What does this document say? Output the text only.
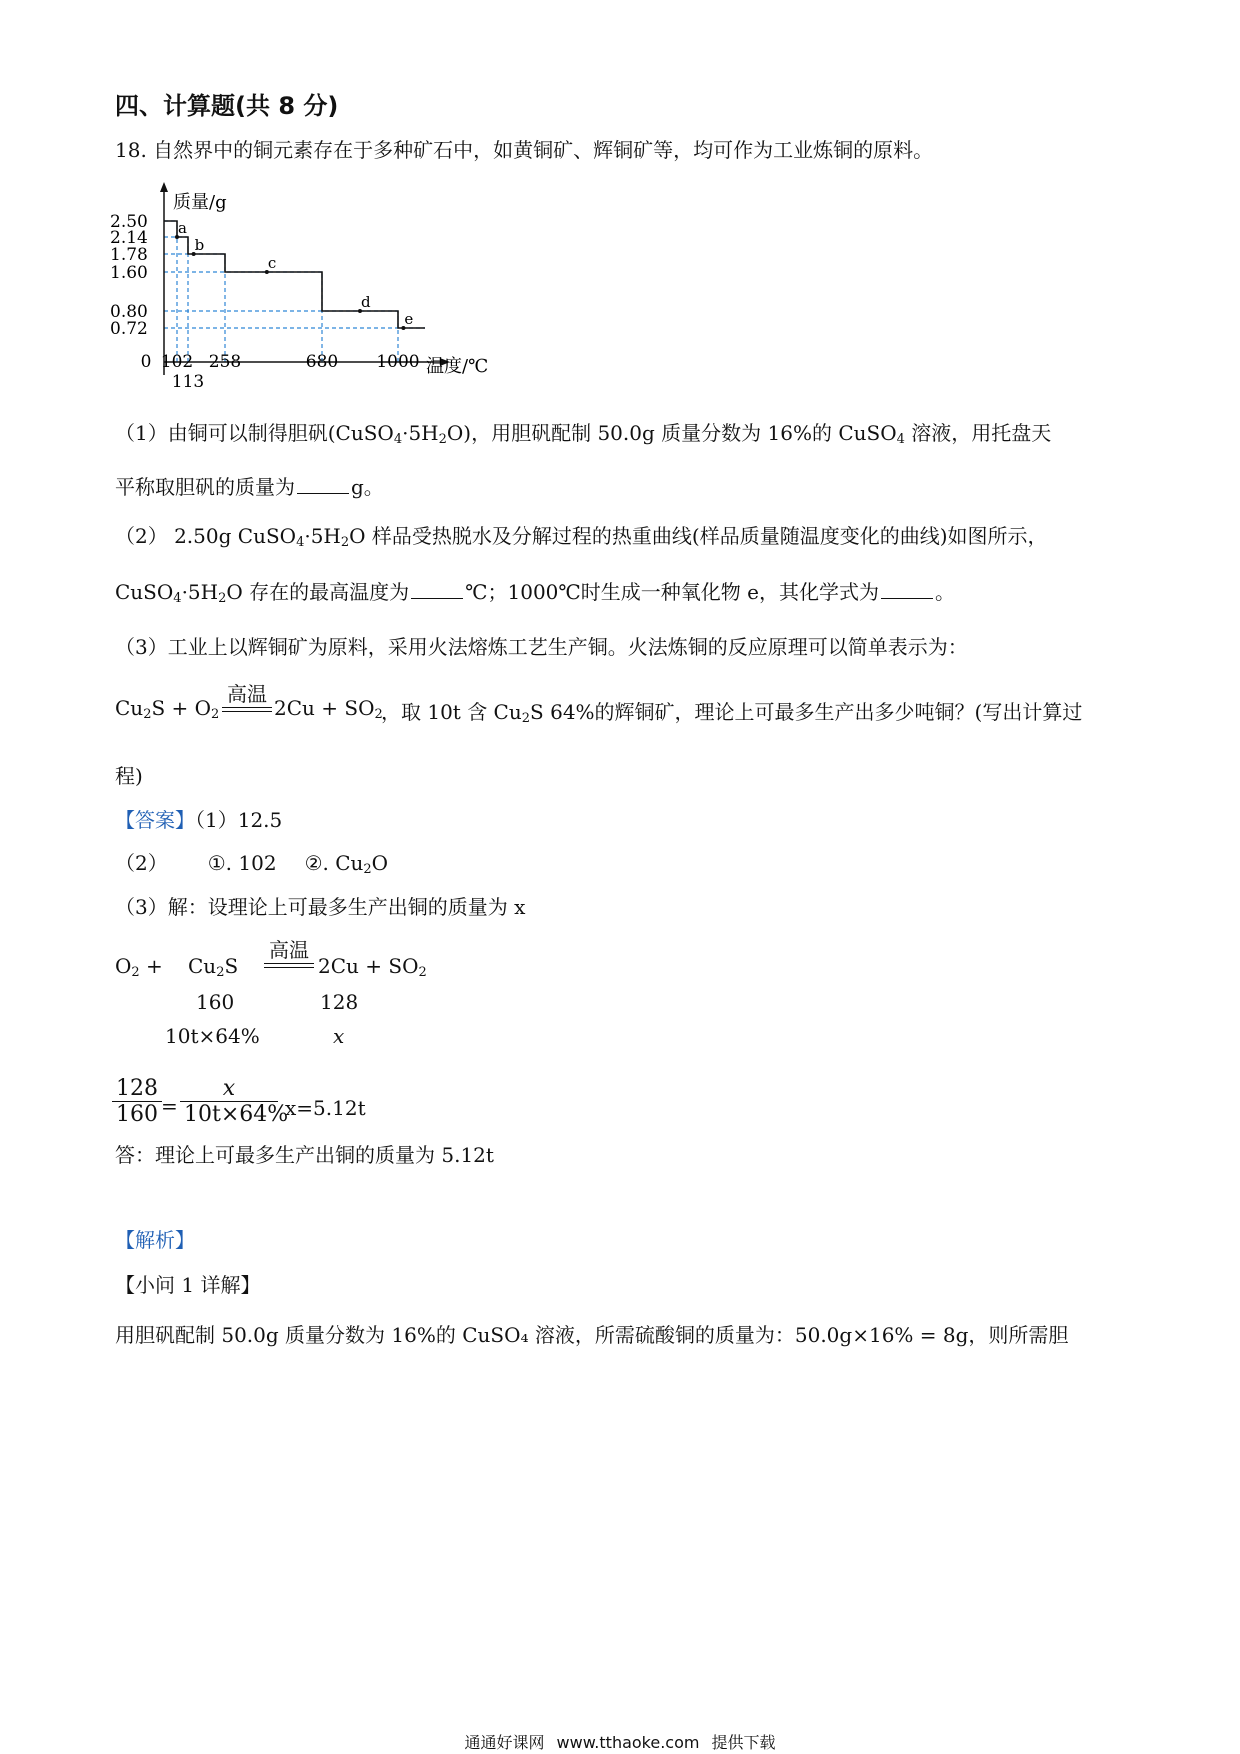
四、计算题(共 8 分)
18. 自然界中的铜元素存在于多种矿石中，如黄铜矿、辉铜矿等，均可作为工业炼铜的原料。
2.50
2.14
1.78
1.60
0.80
0.72
0 102
113
258	680 1000
a
b
c
d
e
质量/g
温度/℃
（1）由铜可以制得胆矾$(CuSO_4\cdot 5H_2O)$，用胆矾配制 50.0g 质量分数为 16%的 CuSO$_4$ 溶液，用托盘天
平称取胆矾的质量为	g。
（2） 2.50g $CuSO_4\cdot 5H_2O$ 样品受热脱水及分解过程的热重曲线(样品质量随温度变化的曲线)如图所示，
$CuSO_4\cdot 5H_2O$ 存在的最高温度为	℃；1000℃时生成一种氧化物 e，其化学式为	。
（3）工业上以辉铜矿为原料，采用火法熔炼工艺生产铜。火法炼铜的反应原理可以简单表示为：
$Cu_2S + O_2$
高温
$2Cu + SO_2$
，取 10t 含 $Cu_2S$ 64%的辉铜矿，理论上可最多生产出多少吨铜？(写出计算过
程)
【答案】（1）12.5
（2） ①. 102 ②. $Cu_2O$
（3）解：设理论上可最多生产出铜的质量为 x
$O_2 + Cu_2S$
高温
$2Cu + SO_2$
160	128
10t×64%	x
$\frac{128}{160} = \frac{x}{10t\times 64\%} x=5.12t$
答：理论上可最多生产出铜的质量为 5.12t
【解析】
【小问 1 详解】
用胆矾配制 50.0g 质量分数为 16%的 CuSO₄ 溶液，所需硫酸铜的质量为：50.0g×16% = 8g，则所需胆
通通好课网 www.tthaoke.com 提供下载
